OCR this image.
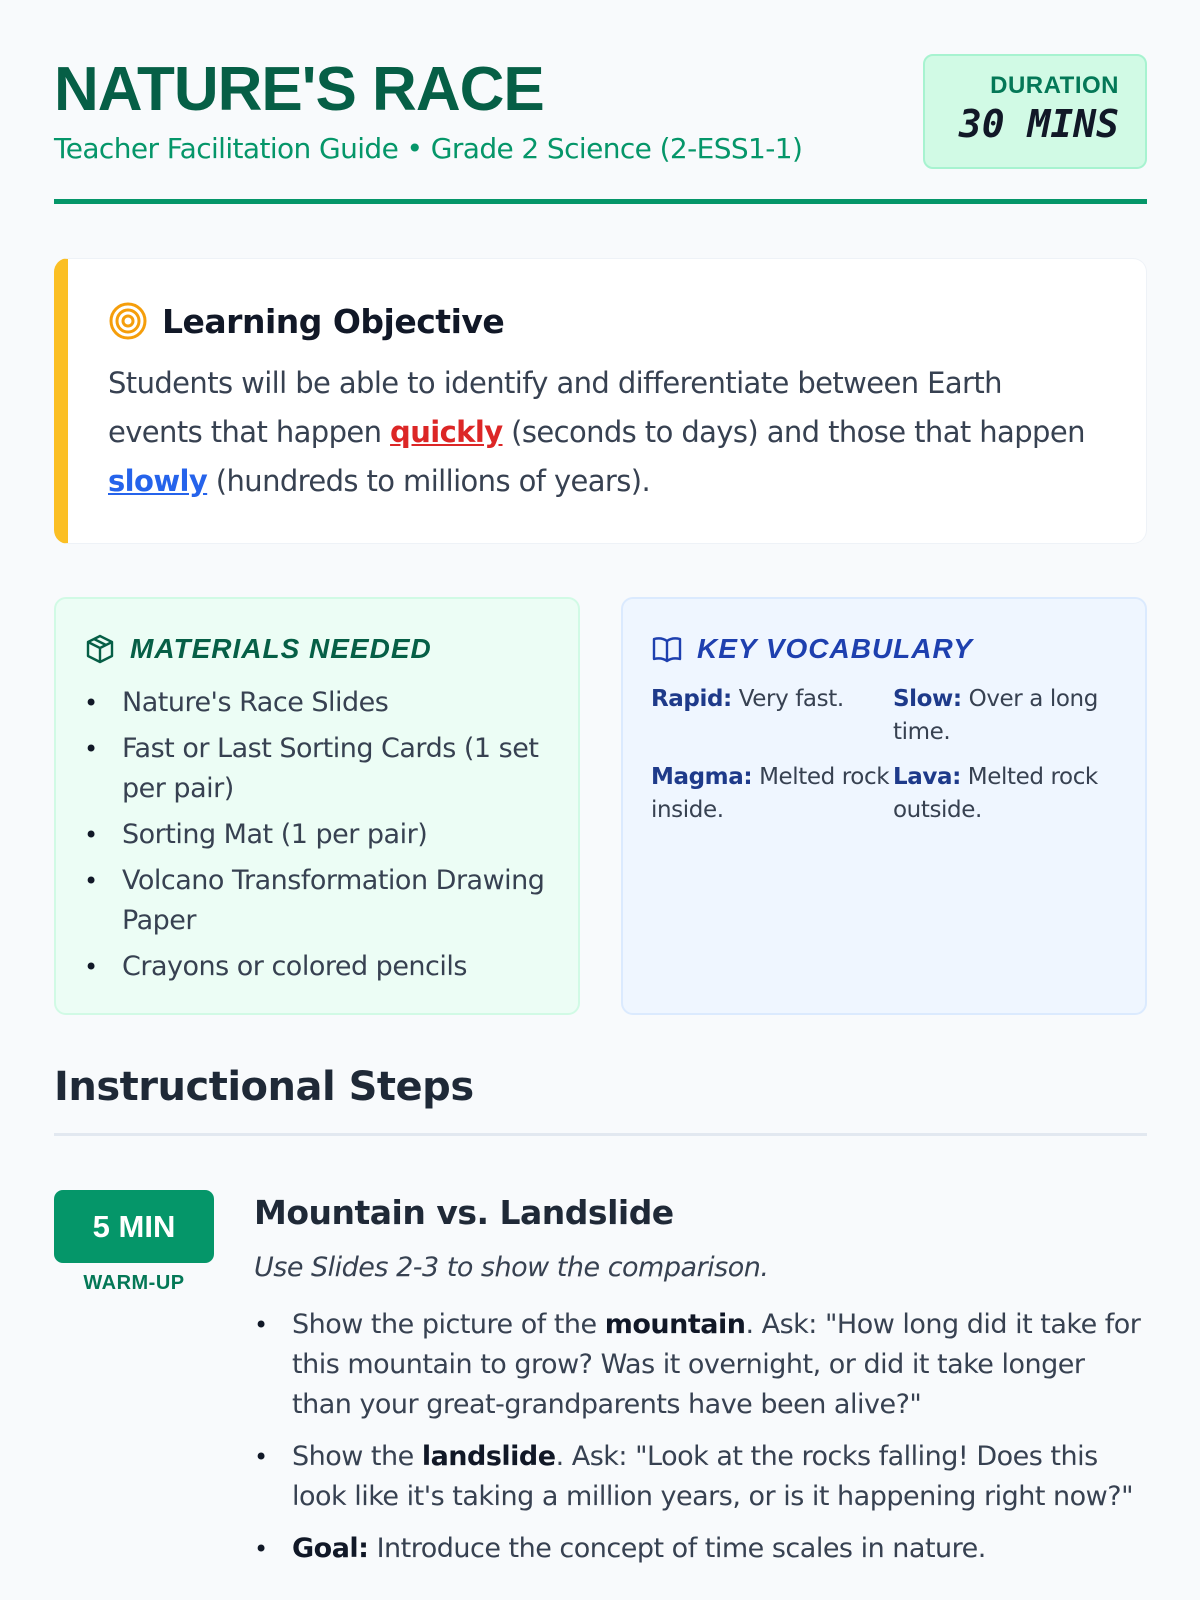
NATURE'S RACE
Teacher Facilitation Guide • Grade 2 Science (2-ESS1-1)
DURATION
30 MINS
Learning Objective
Students will be able to identify and differentiate between Earth events that happen quickly (seconds to days) and those that happen slowly (hundreds to millions of years).
MATERIALS NEEDED
• Nature's Race Slides
• Fast or Last Sorting Cards (1 set per pair)
• Sorting Mat (1 per pair)
• Volcano Transformation Drawing Paper
• Crayons or colored pencils
KEY VOCABULARY
Rapid: Very fast.	Slow: Over a long time.
Magma: Melted rock inside.
Lava: Melted rock outside.
Instructional Steps
5 MIN
WARM-UP
Mountain vs. Landslide
Use Slides 2-3 to show the comparison.
• Show the picture of the mountain. Ask: "How long did it take for this mountain to grow? Was it overnight, or did it take longer than your great-grandparents have been alive?"
• Show the landslide. Ask: "Look at the rocks falling! Does this look like it's taking a million years, or is it happening right now?"
• Goal: Introduce the concept of time scales in nature.
